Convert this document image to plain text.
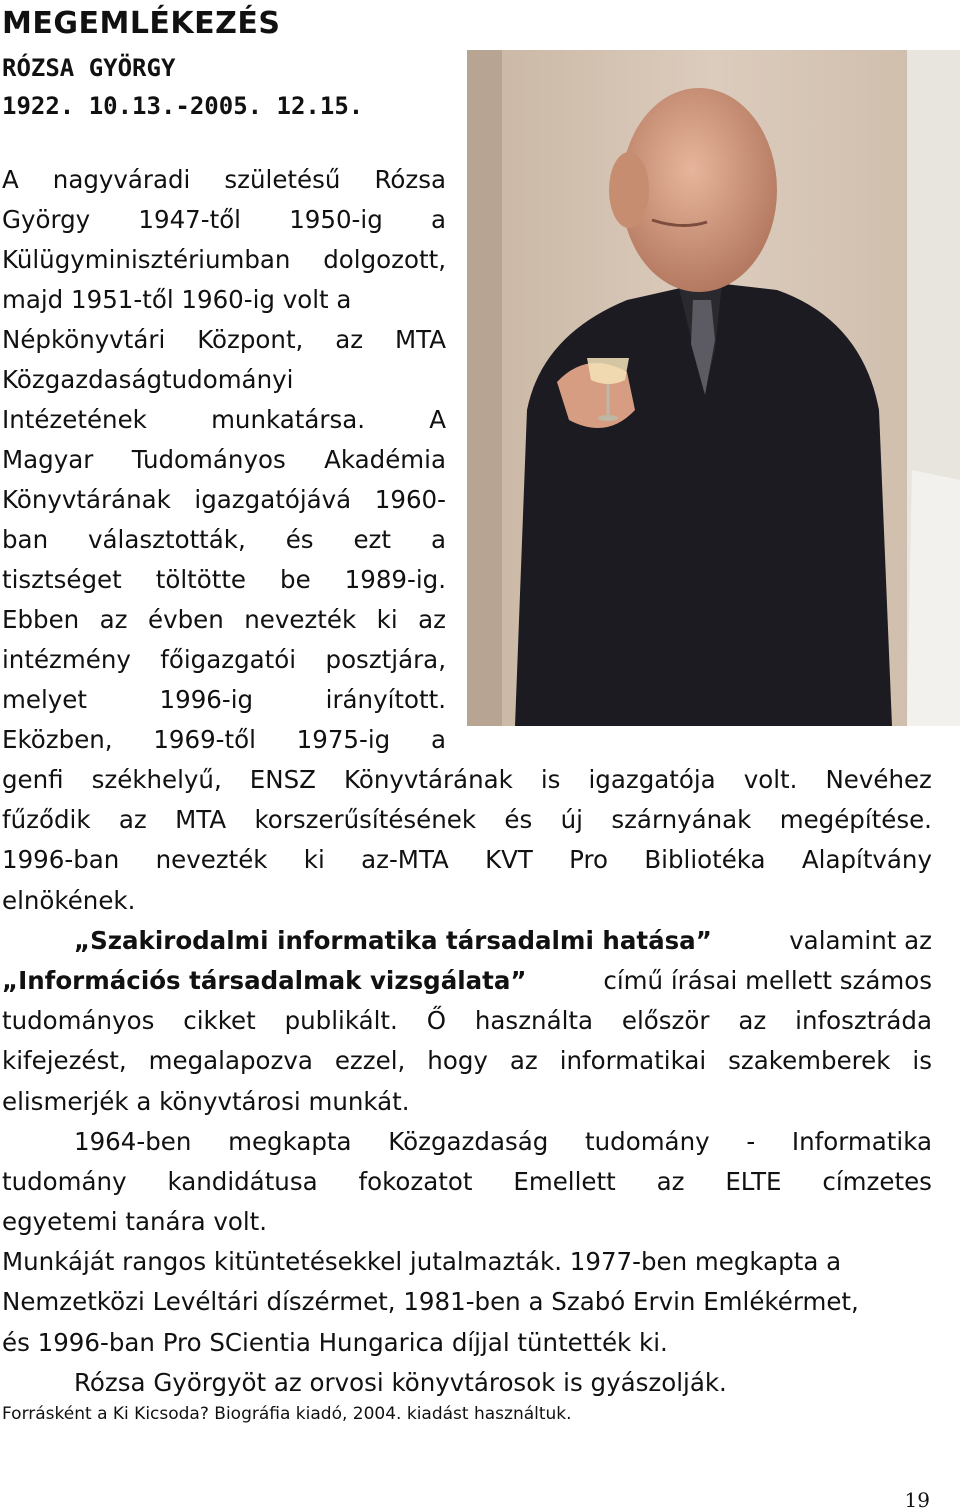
MEGEMLÉKEZÉS
RÓZSA GYÖRGY
1922. 10.13.-2005. 12.15.
A nagyváradi születésű Rózsa
György 1947-től 1950-ig a
Külügyminisztériumban dolgozott,
majd 1951-től 1960-ig volt a
Népkönyvtári Központ, az MTA
Közgazdaságtudományi
Intézetének	munkatársa.	A
Magyar Tudományos Akadémia
Könyvtárának igazgatójává 1960-
ban választották, és ezt a
tisztséget töltötte be 1989-ig.
Ebben az évben nevezték ki az
intézmény főigazgatói posztjára,
melyet	1996-ig	irányított.
Eközben, 1969-től 1975-ig a
genfi székhelyű, ENSZ Könyvtárának is igazgatója volt. Nevéhez
fűződik az MTA korszerűsítésének és új szárnyának megépítése.
1996-ban nevezték ki az-MTA KVT Pro Bibliotéka Alapítvány
elnökének.
„Szakirodalmi informatika társadalmi hatása”	valamint az
„Információs társadalmak vizsgálata”	című írásai mellett számos
tudományos cikket publikált. Ő használta először az infosztráda
kifejezést, megalapozva ezzel, hogy az informatikai szakemberek is
elismerjék a könyvtárosi munkát.
1964-ben megkapta Közgazdaság tudomány - Informatika
tudomány kandidátusa fokozatot Emellett az ELTE címzetes
egyetemi tanára volt.
Munkáját rangos kitüntetésekkel jutalmazták. 1977-ben megkapta a
Nemzetközi Levéltári díszérmet, 1981-ben a Szabó Ervin Emlékérmet,
és 1996-ban Pro SCientia Hungarica díjjal tüntették ki.
Rózsa Györgyöt az orvosi könyvtárosok is gyászolják.
Forrásként a Ki Kicsoda? Biográfia kiadó, 2004. kiadást használtuk.
19
